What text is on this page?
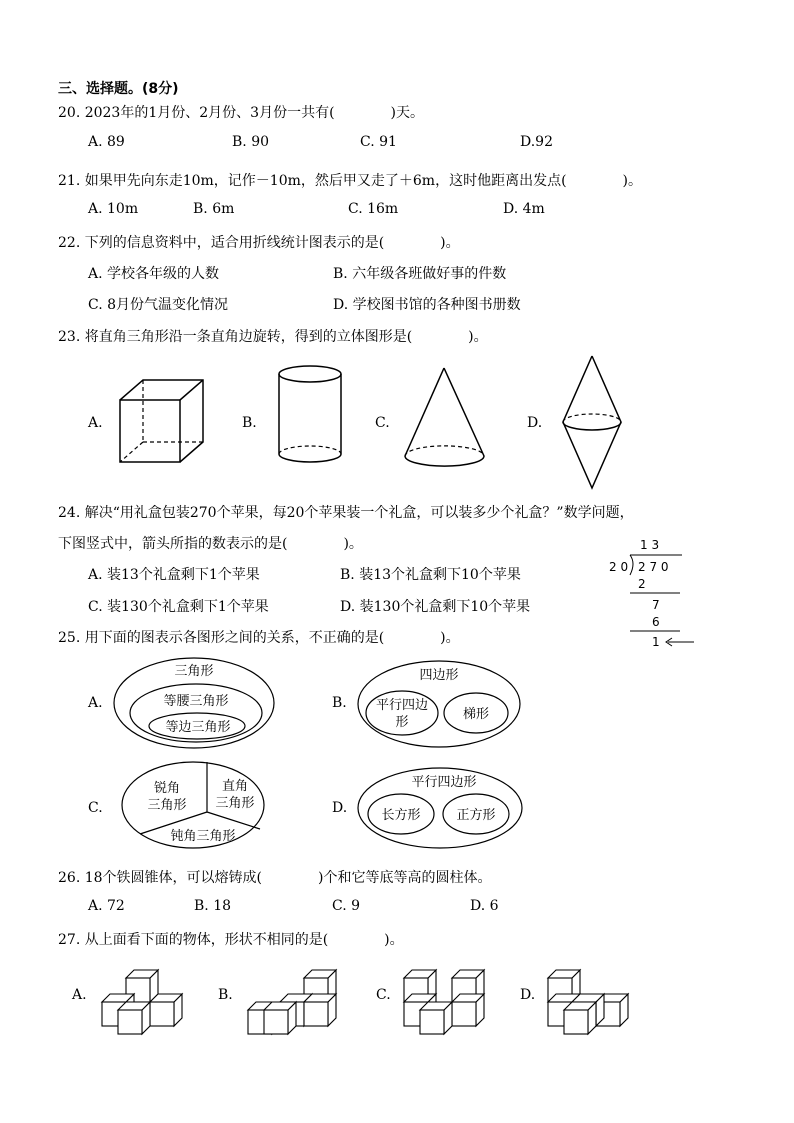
三、选择题。(8分)
20. 2023年的1月份、2月份、3月份一共有(　　　　)天。
A. 89	B. 90	C. 91	D.92
21. 如果甲先向东走10m，记作－10m，然后甲又走了＋6m，这时他距离出发点(　　　　)。
A. 10m	B. 6m	C. 16m	D. 4m
22. 下列的信息资料中，适合用折线统计图表示的是(　　　　)。
A. 学校各年级的人数	B. 六年级各班做好事的件数
C. 8月份气温变化情况	D. 学校图书馆的各种图书册数
23. 将直角三角形沿一条直角边旋转，得到的立体图形是(　　　　)。
A.	B.	C.	D.
24. 解决“用礼盒包装270个苹果，每20个苹果装一个礼盒，可以装多少个礼盒？”数学问题，
下图竖式中，箭头所指的数表示的是(　　　　)。
A. 装13个礼盒剩下1个苹果	B. 装13个礼盒剩下10个苹果
C. 装130个礼盒剩下1个苹果	D. 装130个礼盒剩下10个苹果
1 3
2 0 2 7 0
2
7
6
1
25. 用下面的图表示各图形之间的关系，不正确的是(　　　　)。
A.	B.
C.	D.
三角形
等腰三角形
等边三角形
四边形
平行四边
形
梯形
锐角
三角形
直角
三角形
钝角三角形
平行四边形
长方形	正方形
26. 18个铁圆锥体，可以熔铸成(　　　　)个和它等底等高的圆柱体。
A. 72	B. 18	C. 9	D. 6
27. 从上面看下面的物体，形状不相同的是(　　　　)。
A.	B.	C.	D.
